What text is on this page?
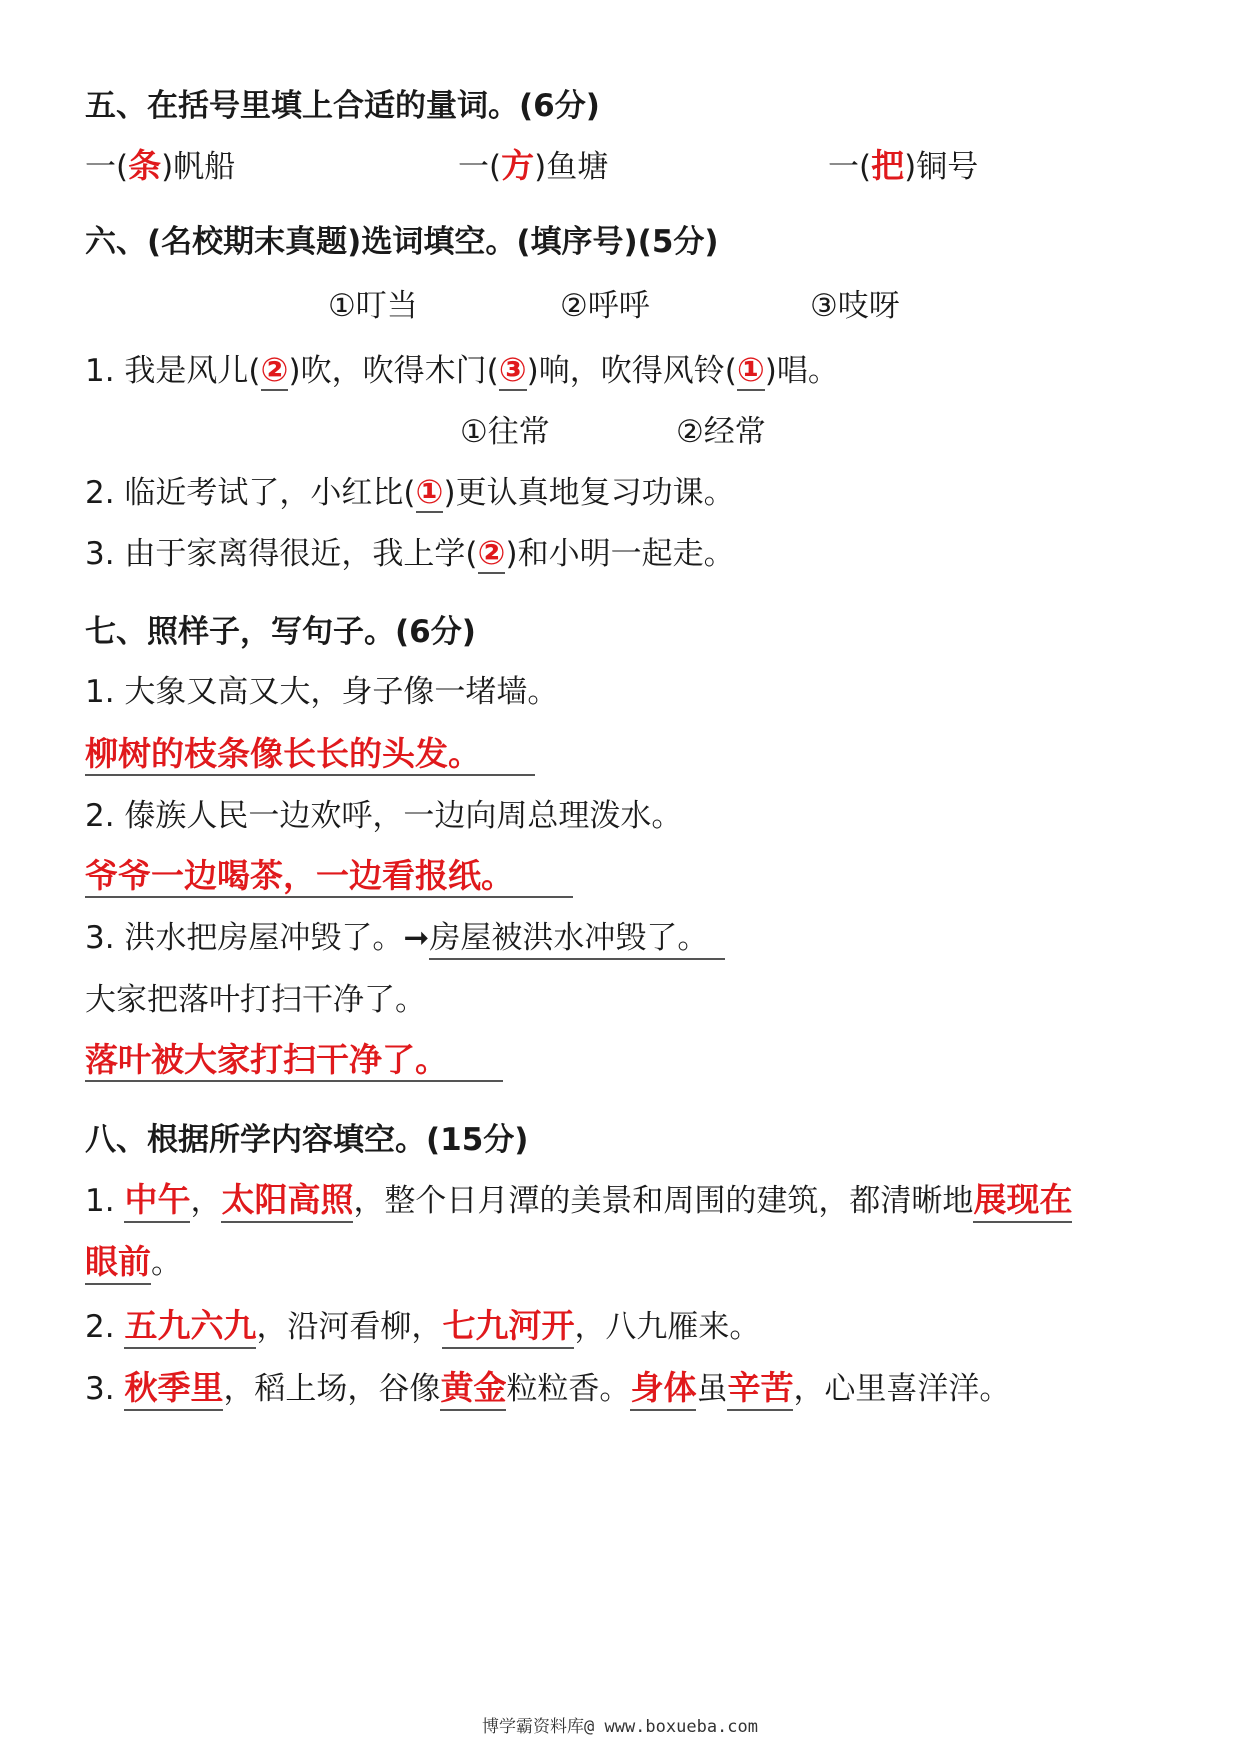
五、在括号里填上合适的量词。(6分)
一(条)帆船	一(方)鱼塘	一(把)铜号
六、(名校期末真题)选词填空。(填序号)(5分)
①叮当	②呼呼	③吱呀
1. 我是风儿(②)吹，吹得木门(③)响，吹得风铃(①)唱。
①往常	②经常
2. 临近考试了，小红比(①)更认真地复习功课。
3. 由于家离得很近，我上学(②)和小明一起走。
七、照样子，写句子。(6分)
1. 大象又高又大，身子像一堵墙。
柳树的枝条像长长的头发。
2. 傣族人民一边欢呼，一边向周总理泼水。
爷爷一边喝茶，一边看报纸。
3. 洪水把房屋冲毁了。➞房屋被洪水冲毁了。
大家把落叶打扫干净了。
落叶被大家打扫干净了。
八、根据所学内容填空。(15分)
1. 中午，太阳高照，整个日月潭的美景和周围的建筑，都清晰地展现在
眼前。
2. 五九六九，沿河看柳，七九河开，八九雁来。
3. 秋季里，稻上场，谷像黄金粒粒香。身体虽辛苦，心里喜洋洋。
博学霸资料库@ www.boxueba.com
